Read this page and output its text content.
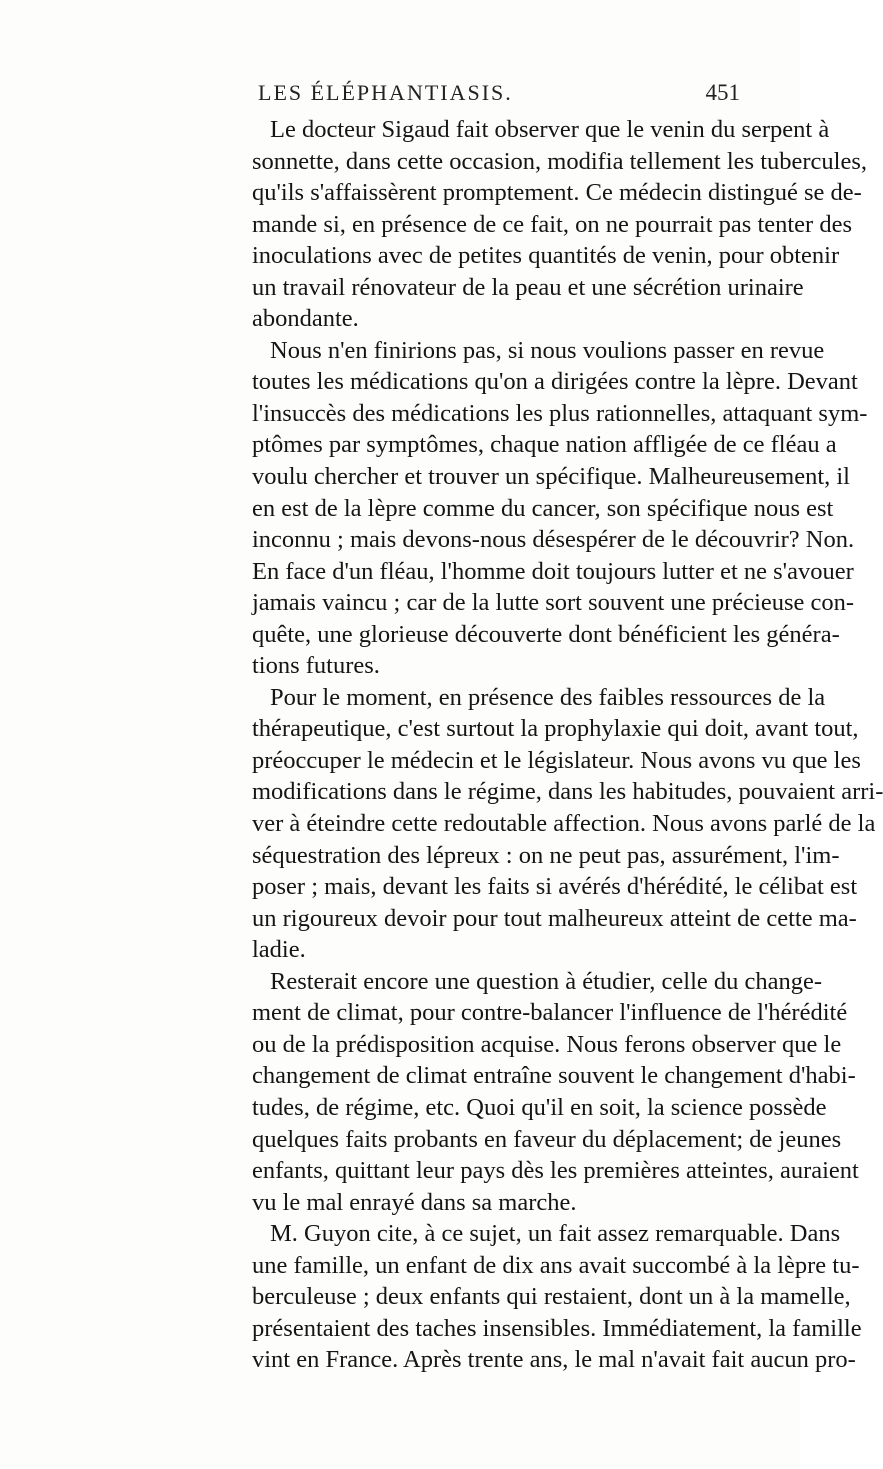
LES ÉLÉPHANTIASIS.	451
Le docteur Sigaud fait observer que le venin du serpent à
sonnette, dans cette occasion, modifia tellement les tubercules,
qu'ils s'affaissèrent promptement. Ce médecin distingué se de-
mande si, en présence de ce fait, on ne pourrait pas tenter des
inoculations avec de petites quantités de venin, pour obtenir
un travail rénovateur de la peau et une sécrétion urinaire
abondante.
Nous n'en finirions pas, si nous voulions passer en revue
toutes les médications qu'on a dirigées contre la lèpre. Devant
l'insuccès des médications les plus rationnelles, attaquant sym-
ptômes par symptômes, chaque nation affligée de ce fléau a
voulu chercher et trouver un spécifique. Malheureusement, il
en est de la lèpre comme du cancer, son spécifique nous est
inconnu ; mais devons-nous désespérer de le découvrir? Non.
En face d'un fléau, l'homme doit toujours lutter et ne s'avouer
jamais vaincu ; car de la lutte sort souvent une précieuse con-
quête, une glorieuse découverte dont bénéficient les généra-
tions futures.
Pour le moment, en présence des faibles ressources de la
thérapeutique, c'est surtout la prophylaxie qui doit, avant tout,
préoccuper le médecin et le législateur. Nous avons vu que les
modifications dans le régime, dans les habitudes, pouvaient arri-
ver à éteindre cette redoutable affection. Nous avons parlé de la
séquestration des lépreux : on ne peut pas, assurément, l'im-
poser ; mais, devant les faits si avérés d'hérédité, le célibat est
un rigoureux devoir pour tout malheureux atteint de cette ma-
ladie.
Resterait encore une question à étudier, celle du change-
ment de climat, pour contre-balancer l'influence de l'hérédité
ou de la prédisposition acquise. Nous ferons observer que le
changement de climat entraîne souvent le changement d'habi-
tudes, de régime, etc. Quoi qu'il en soit, la science possède
quelques faits probants en faveur du déplacement; de jeunes
enfants, quittant leur pays dès les premières atteintes, auraient
vu le mal enrayé dans sa marche.
M. Guyon cite, à ce sujet, un fait assez remarquable. Dans
une famille, un enfant de dix ans avait succombé à la lèpre tu-
berculeuse ; deux enfants qui restaient, dont un à la mamelle,
présentaient des taches insensibles. Immédiatement, la famille
vint en France. Après trente ans, le mal n'avait fait aucun pro-
